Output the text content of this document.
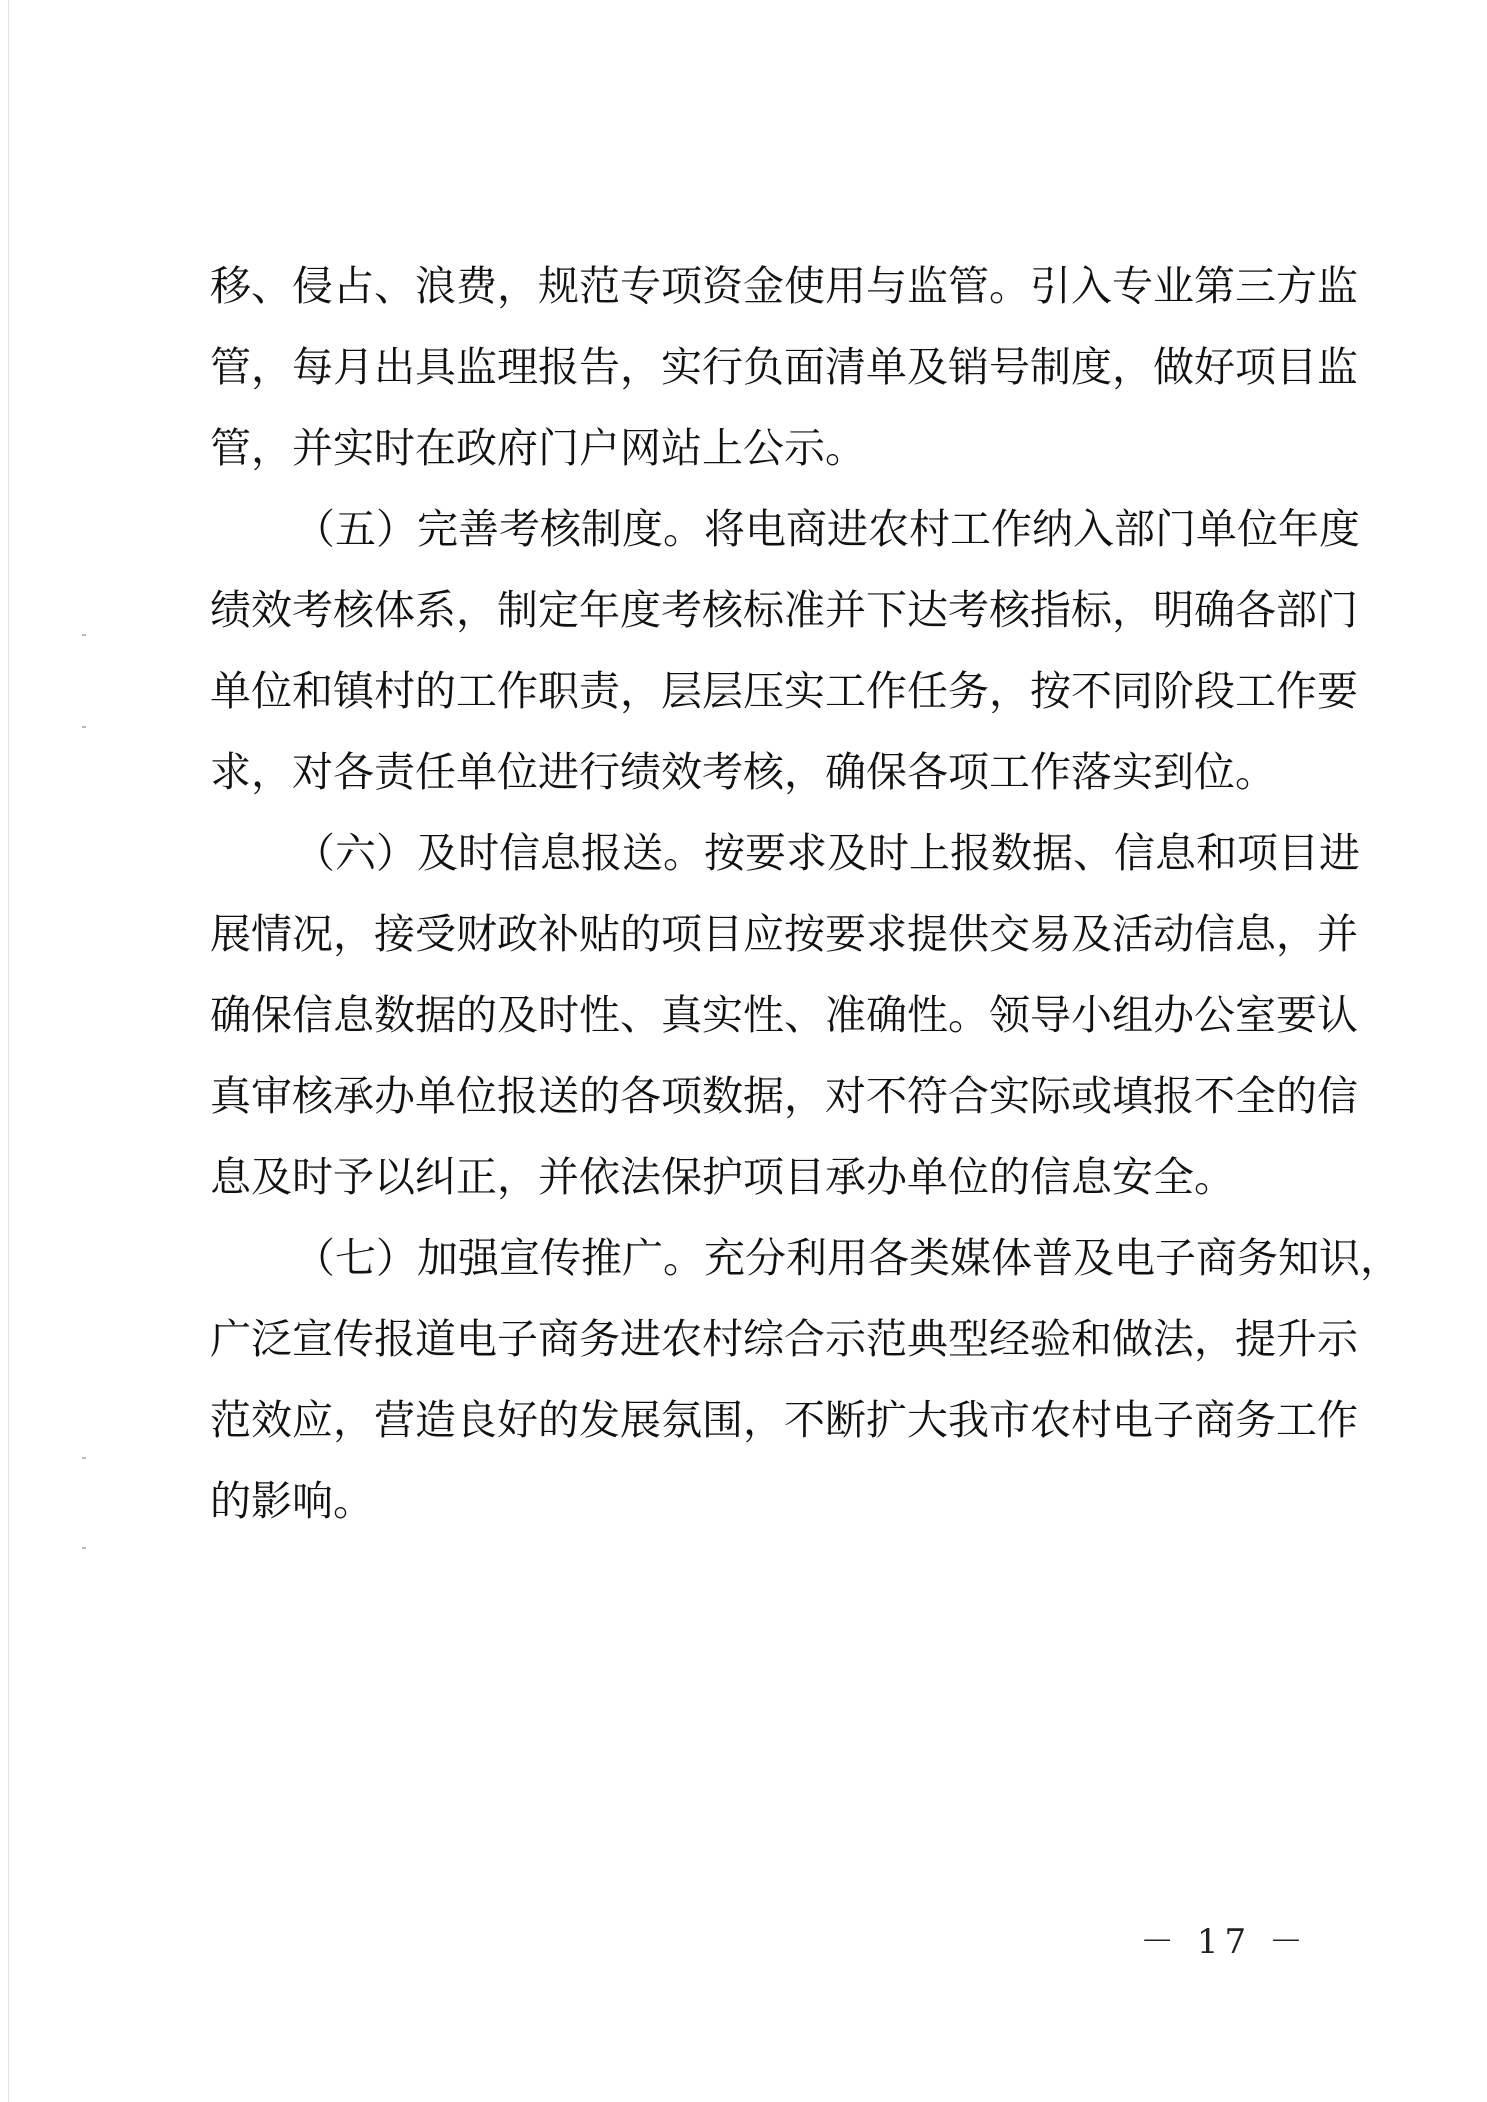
移、侵占、浪费，规范专项资金使用与监管。引入专业第三方监
管，每月出具监理报告，实行负面清单及销号制度，做好项目监
管，并实时在政府门户网站上公示。
（五）完善考核制度。将电商进农村工作纳入部门单位年度
绩效考核体系，制定年度考核标准并下达考核指标，明确各部门
单位和镇村的工作职责，层层压实工作任务，按不同阶段工作要
求，对各责任单位进行绩效考核，确保各项工作落实到位。
（六）及时信息报送。按要求及时上报数据、信息和项目进
展情况，接受财政补贴的项目应按要求提供交易及活动信息，并
确保信息数据的及时性、真实性、准确性。领导小组办公室要认
真审核承办单位报送的各项数据，对不符合实际或填报不全的信
息及时予以纠正，并依法保护项目承办单位的信息安全。
（七）加强宣传推广。充分利用各类媒体普及电子商务知识，
广泛宣传报道电子商务进农村综合示范典型经验和做法，提升示
范效应，营造良好的发展氛围，不断扩大我市农村电子商务工作
的影响。
－ 17 －
